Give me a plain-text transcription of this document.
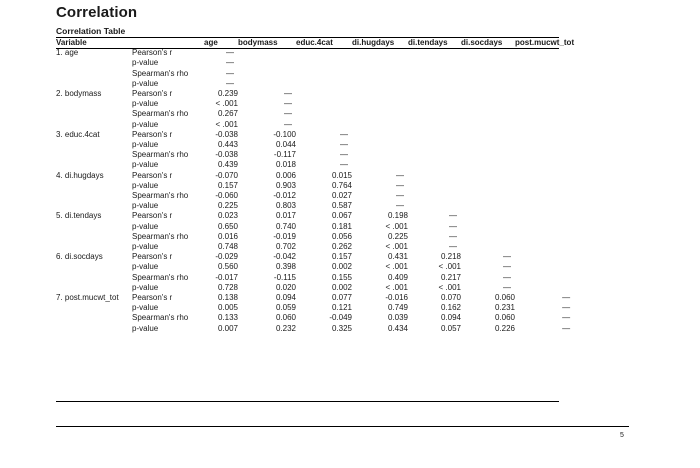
Correlation
Correlation Table
Variable		age	bodymass	educ.4cat	di.hugdays	di.tendays	di.socdays	post.mucwt_tot
1. age	Pearson's r	—						
	p-value	—						
	Spearman's rho	—						
	p-value	—						
2. bodymass	Pearson's r	0.239	—					
	p-value	< .001	—					
	Spearman's rho	0.267	—					
	p-value	< .001	—					
3. educ.4cat	Pearson's r	-0.038	-0.100	—				
	p-value	0.443	0.044	—				
	Spearman's rho	-0.038	-0.117	—				
	p-value	0.439	0.018	—				
4. di.hugdays	Pearson's r	-0.070	0.006	0.015	—			
	p-value	0.157	0.903	0.764	—			
	Spearman's rho	-0.060	-0.012	0.027	—			
	p-value	0.225	0.803	0.587	—			
5. di.tendays	Pearson's r	0.023	0.017	0.067	0.198	—		
	p-value	0.650	0.740	0.181	< .001	—		
	Spearman's rho	0.016	-0.019	0.056	0.225	—		
	p-value	0.748	0.702	0.262	< .001	—		
6. di.socdays	Pearson's r	-0.029	-0.042	0.157	0.431	0.218	—	
	p-value	0.560	0.398	0.002	< .001	< .001	—	
	Spearman's rho	-0.017	-0.115	0.155	0.409	0.217	—	
	p-value	0.728	0.020	0.002	< .001	< .001	—	
7. post.mucwt_tot	Pearson's r	0.138	0.094	0.077	-0.016	0.070	0.060	—
	p-value	0.005	0.059	0.121	0.749	0.162	0.231	—
	Spearman's rho	0.133	0.060	-0.049	0.039	0.094	0.060	—
	p-value	0.007	0.232	0.325	0.434	0.057	0.226	—
5
